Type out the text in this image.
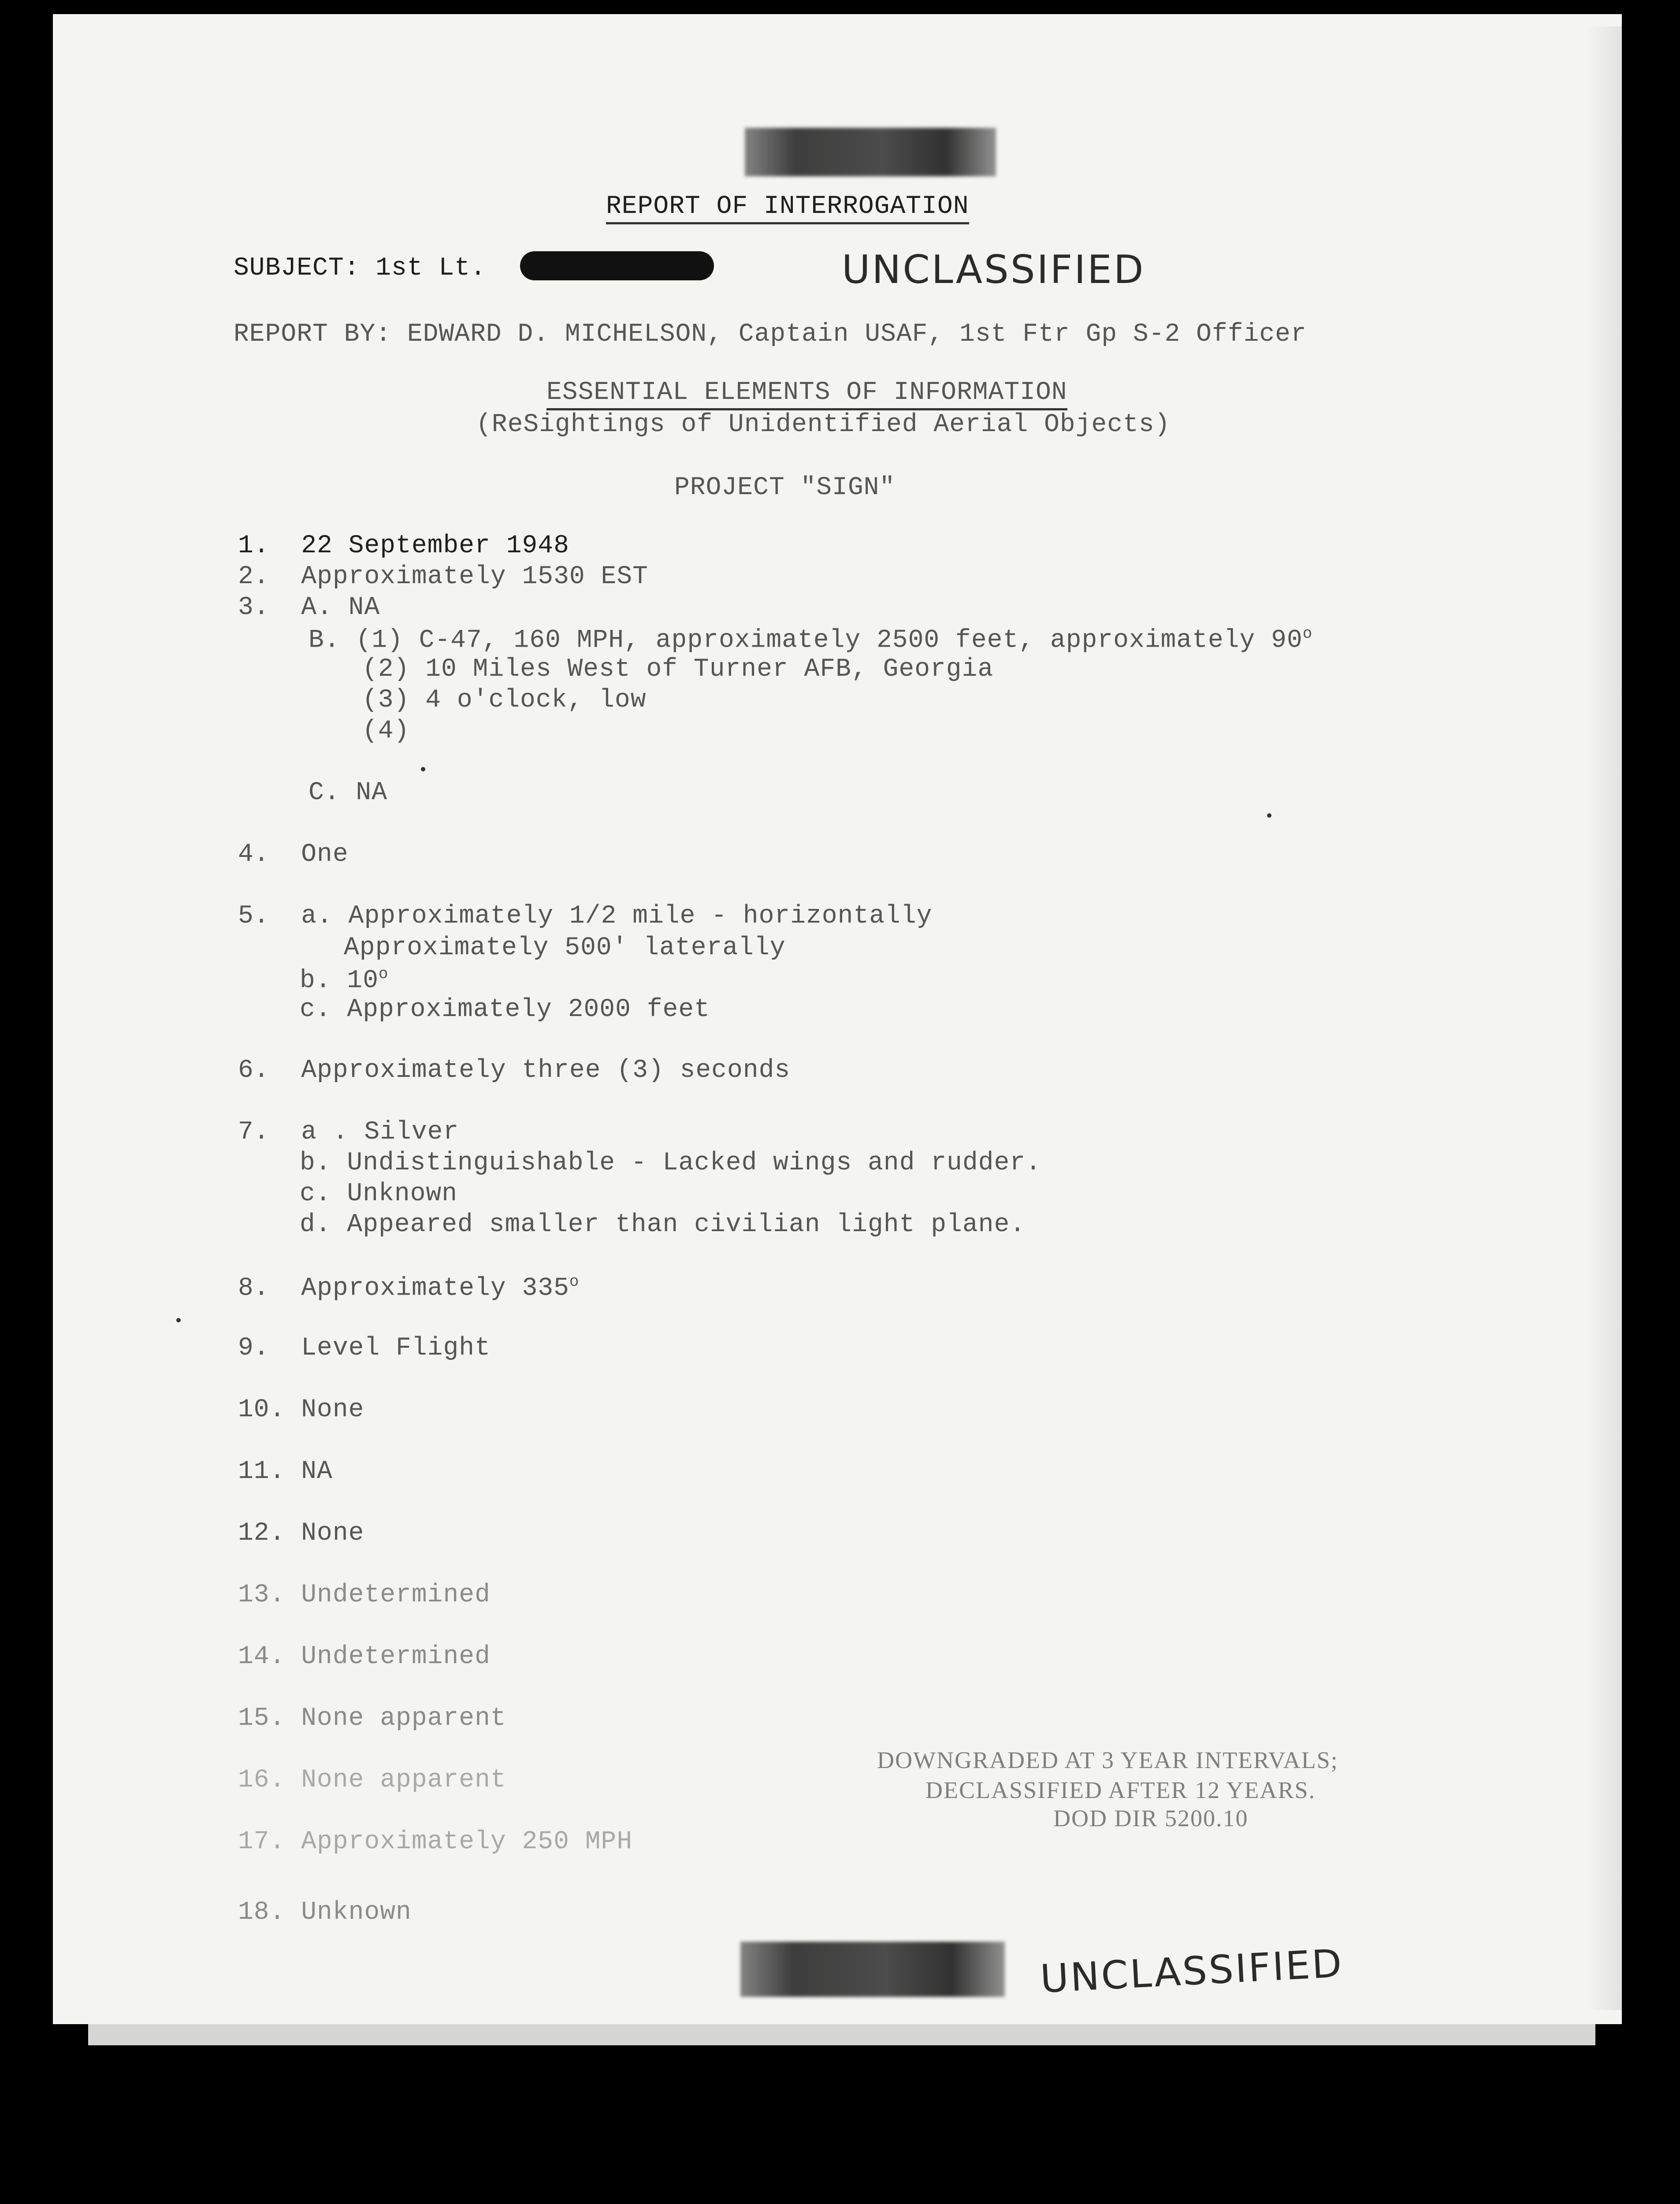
REPORT OF INTERROGATION
SUBJECT: 1st Lt.	UNCLASSIFIED
REPORT BY: EDWARD D. MICHELSON, Captain USAF, 1st Ftr Gp S-2 Officer
ESSENTIAL ELEMENTS OF INFORMATION
(ReSightings of Unidentified Aerial Objects)
PROJECT "SIGN"
1.  22 September 1948
2.  Approximately 1530 EST
3.  A. NA
B. (1) C-47, 160 MPH, approximately 2500 feet, approximately 90$^o$
(2) 10 Miles West of Turner AFB, Georgia
(3) 4 o'clock, low
(4)
C. NA
4.  One
5.  a. Approximately 1/2 mile - horizontally
Approximately 500' laterally
b. 10$^o$
c. Approximately 2000 feet
6.  Approximately three (3) seconds
7.  a . Silver
b. Undistinguishable - Lacked wings and rudder.
c. Unknown
d. Appeared smaller than civilian light plane.
8.  Approximately 335$^o$
9.  Level Flight
10. None
11. NA
12. None
13. Undetermined
14. Undetermined
15. None apparent
16. None apparent
17. Approximately 250 MPH
18. Unknown
DOWNGRADED AT 3 YEAR INTERVALS;
DECLASSIFIED AFTER 12 YEARS.
DOD DIR 5200.10
UNCLASSIFIED
